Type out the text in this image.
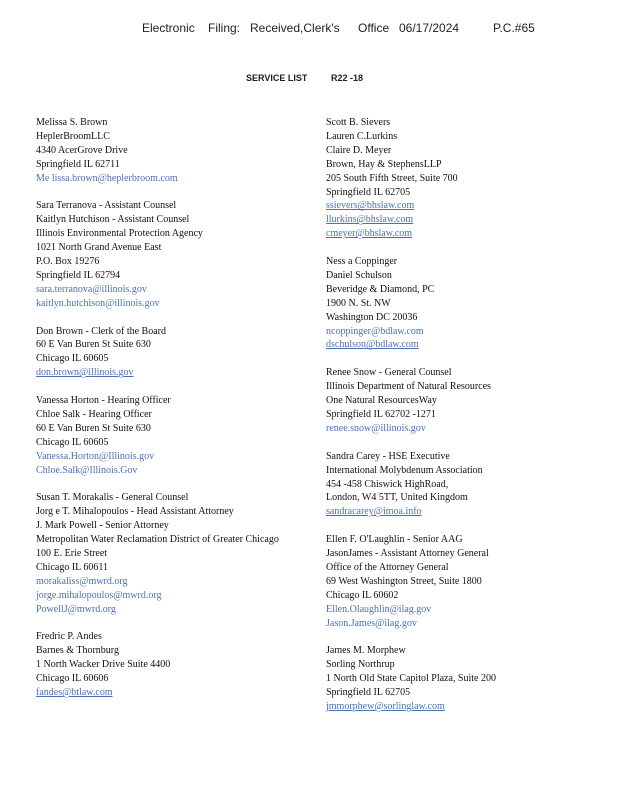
Electronic Filing: Received,Clerk's Office 06/17/2024	P.C.#65
SERVICE LIST	R22 -18
Melissa S. Brown
HeplerBroomLLC
4340 AcerGrove Drive
Springfield IL 62711
Me lissa.brown@heplerbroom.com
Sara Terranova - Assistant Counsel
Kaitlyn Hutchison - Assistant Counsel
Illinois Environmental Protection Agency
1021 North Grand Avenue East
P.O. Box 19276
Springfield IL 62794
sara.terranova@illinois.gov
kaitlyn.hutchison@illinois.gov
Don Brown - Clerk of the Board
60 E Van Buren St Suite 630
Chicago IL 60605
don.brown@illinois.gov
Vanessa Horton - Hearing Officer
Chloe Salk - Hearing Officer
60 E Van Buren St Suite 630
Chicago IL 60605
Vanessa.Horton@Illinois.gov
Chloe.Salk@Illinois.Gov
Susan T. Morakalis - General Counsel
Jorg e T. Mihalopoulos - Head Assistant Attorney
J. Mark Powell - Senior Attorney
Metropolitan Water Reclamation District of Greater Chicago
100 E. Erie Street
Chicago IL 60611
morakaliss@mwrd.org
jorge.mihalopoulos@mwrd.org
PowellJ@mwrd.org
Fredric P. Andes
Barnes & Thornburg
1 North Wacker Drive Suite 4400
Chicago IL 60606
fandes@btlaw.com
Scott B. Sievers
Lauren C.Lurkins
Claire D. Meyer
Brown, Hay & StephensLLP
205 South Fifth Street, Suite 700
Springfield IL 62705
ssievers@bhslaw.com
llurkins@bhslaw.com
cmeyer@bhslaw.com
Ness a Coppinger
Daniel Schulson
Beveridge & Diamond, PC
1900 N. St. NW
Washington DC 20036
ncoppinger@bdlaw.com
dschulson@bdlaw.com
Renee Snow - General Counsel
Illinois Department of Natural Resources
One Natural ResourcesWay
Springfield IL 62702 -1271
renee.snow@illinois.gov
Sandra Carey - HSE Executive
International Molybdenum Association
454 -458 Chiswick HighRoad,
London, W4 5TT, United Kingdom
sandracarey@imoa.info
Ellen F. O'Laughlin - Senior AAG
JasonJames - Assistant Attorney General
Office of the Attorney General
69 West Washington Street, Suite 1800
Chicago IL 60602
Ellen.Olaughlin@ilag.gov
Jason.James@ilag.gov
James M. Morphew
Sorling Northrup
1 North Old State Capitol Plaza, Suite 200
Springfield IL 62705
jmmorphew@sorlinglaw.com
